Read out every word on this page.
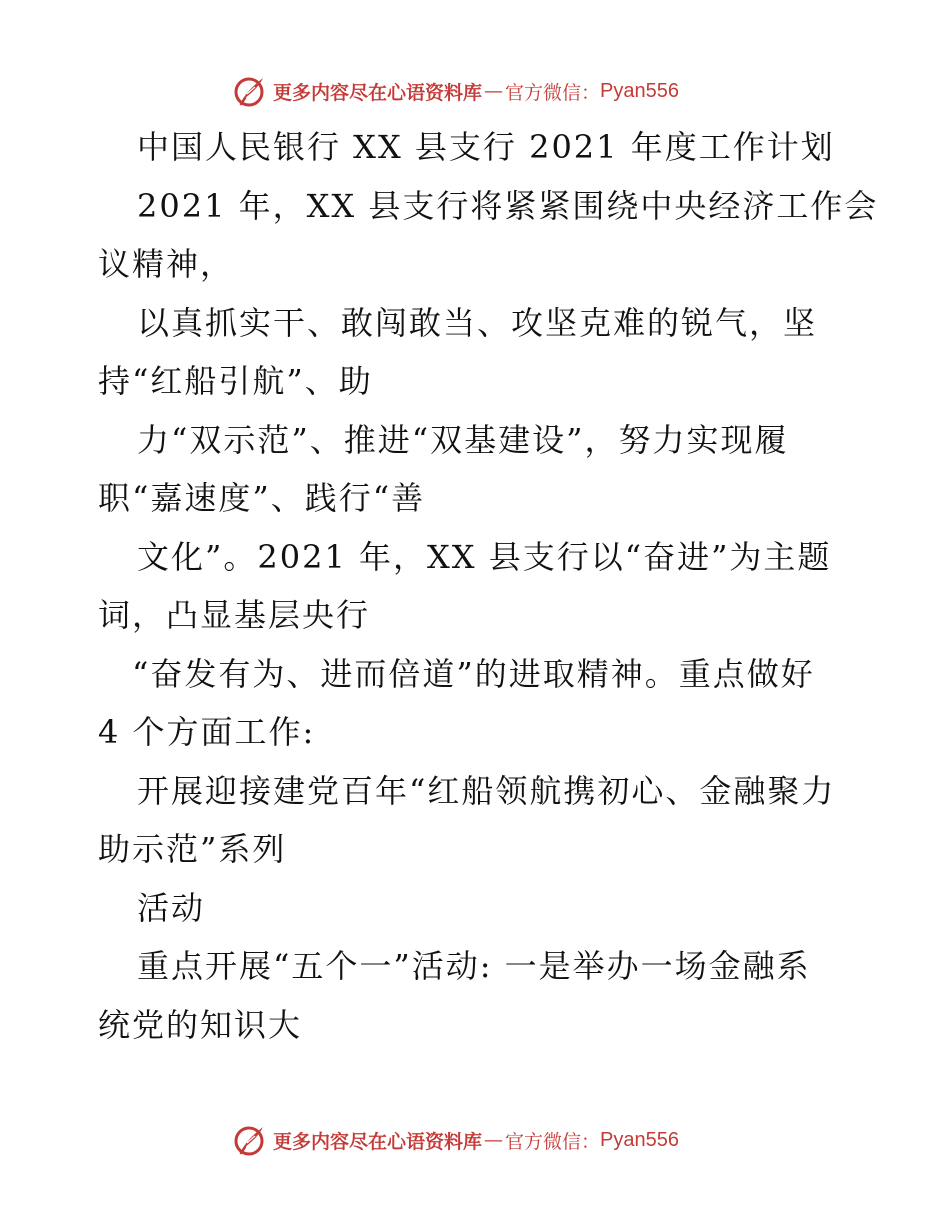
更多内容尽在心语资料库 — 官方微信： Pyan556
中国人民银行 XX 县支行 2021 年度工作计划
2021 年，XX 县支行将紧紧围绕中央经济工作会
议精神，
以真抓实干、敢闯敢当、攻坚克难的锐气，坚
持“红船引航”、助
力“双示范”、推进“双基建设”，努力实现履
职“嘉速度”、践行“善
文化”。2021 年，XX 县支行以“奋进”为主题
词，凸显基层央行
“奋发有为、进而倍道”的进取精神。重点做好
4 个方面工作:
开展迎接建党百年“红船领航携初心、金融聚力
助示范”系列
活动
重点开展“五个一”活动: 一是举办一场金融系
统党的知识大
更多内容尽在心语资料库 — 官方微信： Pyan556
